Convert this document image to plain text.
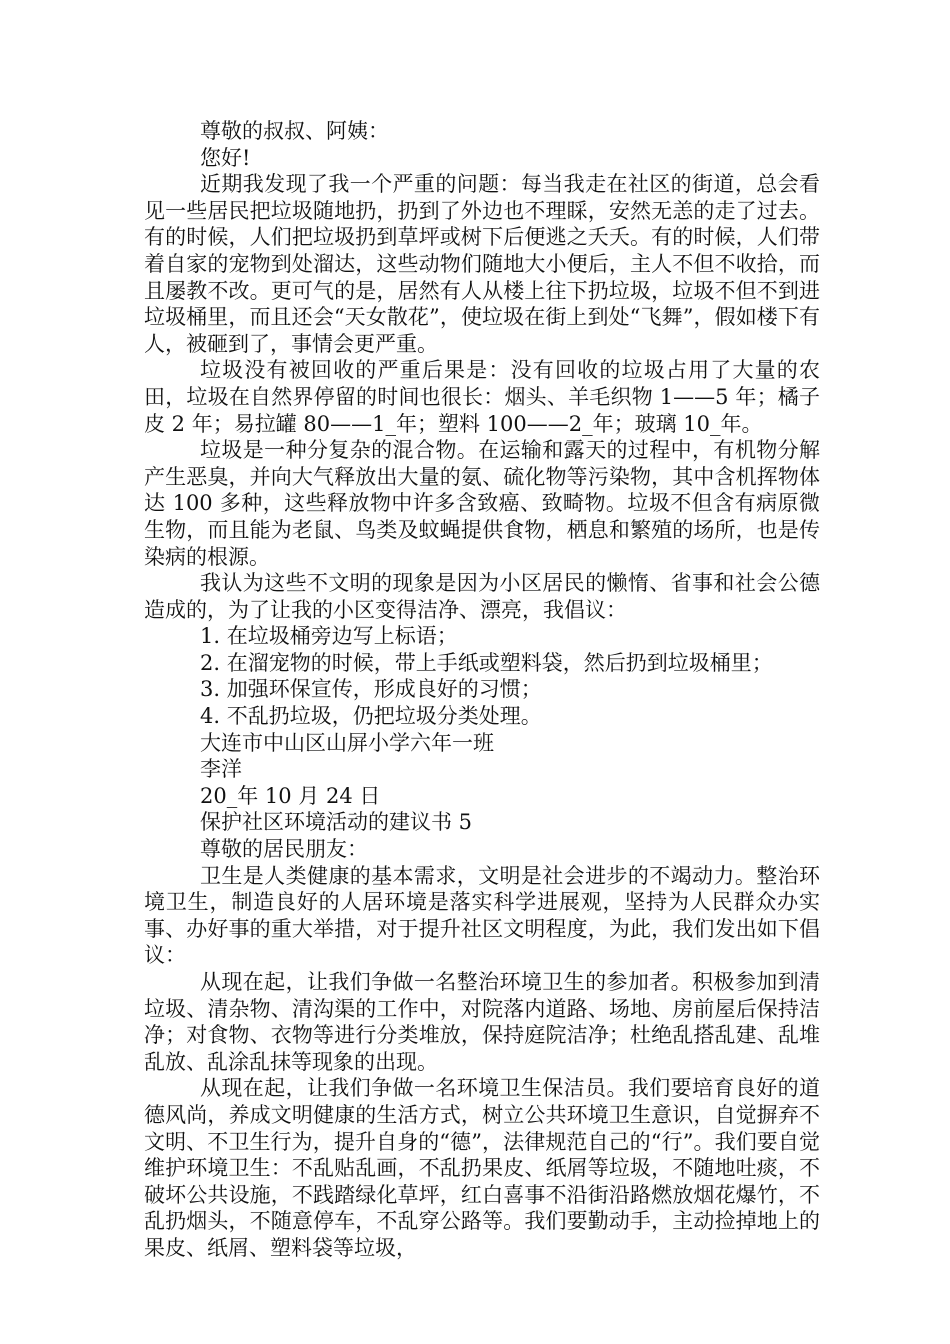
尊敬的叔叔、阿姨：

您好!

近期我发现了我一个严重的问题：每当我走在社区的街道，总会看见一些居民把垃圾随地扔，扔到了外边也不理睬，安然无恙的走了过去。有的时候，人们把垃圾扔到草坪或树下后便逃之夭夭。有的时候，人们带着自家的宠物到处溜达，这些动物们随地大小便后，主人不但不收拾，而且屡教不改。更可气的是，居然有人从楼上往下扔垃圾，垃圾不但不到进垃圾桶里，而且还会“天女散花”，使垃圾在街上到处“飞舞”，假如楼下有人，被砸到了，事情会更严重。

垃圾没有被回收的严重后果是：没有回收的垃圾占用了大量的农田，垃圾在自然界停留的时间也很长：烟头、羊毛织物 1——5 年；橘子皮 2 年；易拉罐 80——1_年；塑料 100——2_年；玻璃 10_年。

垃圾是一种分复杂的混合物。在运输和露天的过程中，有机物分解产生恶臭，并向大气释放出大量的氨、硫化物等污染物，其中含机挥物体达 100 多种，这些释放物中许多含致癌、致畸物。垃圾不但含有病原微生物，而且能为老鼠、鸟类及蚊蝇提供食物，栖息和繁殖的场所，也是传染病的根源。

我认为这些不文明的现象是因为小区居民的懒惰、省事和社会公德造成的，为了让我的小区变得洁净、漂亮，我倡议：

1. 在垃圾桶旁边写上标语；

2. 在溜宠物的时候，带上手纸或塑料袋，然后扔到垃圾桶里；

3. 加强环保宣传，形成良好的习惯；

4. 不乱扔垃圾，仍把垃圾分类处理。

大连市中山区山屏小学六年一班

李洋

20_年 10 月 24 日

保护社区环境活动的建议书 5

尊敬的居民朋友：

卫生是人类健康的基本需求，文明是社会进步的不竭动力。整治环境卫生，制造良好的人居环境是落实科学进展观，坚持为人民群众办实事、办好事的重大举措，对于提升社区文明程度，为此，我们发出如下倡议：

从现在起，让我们争做一名整治环境卫生的参加者。积极参加到清垃圾、清杂物、清沟渠的工作中，对院落内道路、场地、房前屋后保持洁净；对食物、衣物等进行分类堆放，保持庭院洁净；杜绝乱搭乱建、乱堆乱放、乱涂乱抹等现象的出现。

从现在起，让我们争做一名环境卫生保洁员。我们要培育良好的道德风尚，养成文明健康的生活方式，树立公共环境卫生意识，自觉摒弃不文明、不卫生行为，提升自身的“德”，法律规范自己的“行”。我们要自觉维护环境卫生：不乱贴乱画，不乱扔果皮、纸屑等垃圾，不随地吐痰，不破坏公共设施，不践踏绿化草坪，红白喜事不沿街沿路燃放烟花爆竹，不乱扔烟头，不随意停车，不乱穿公路等。我们要勤动手，主动捡掉地上的果皮、纸屑、塑料袋等垃圾，
